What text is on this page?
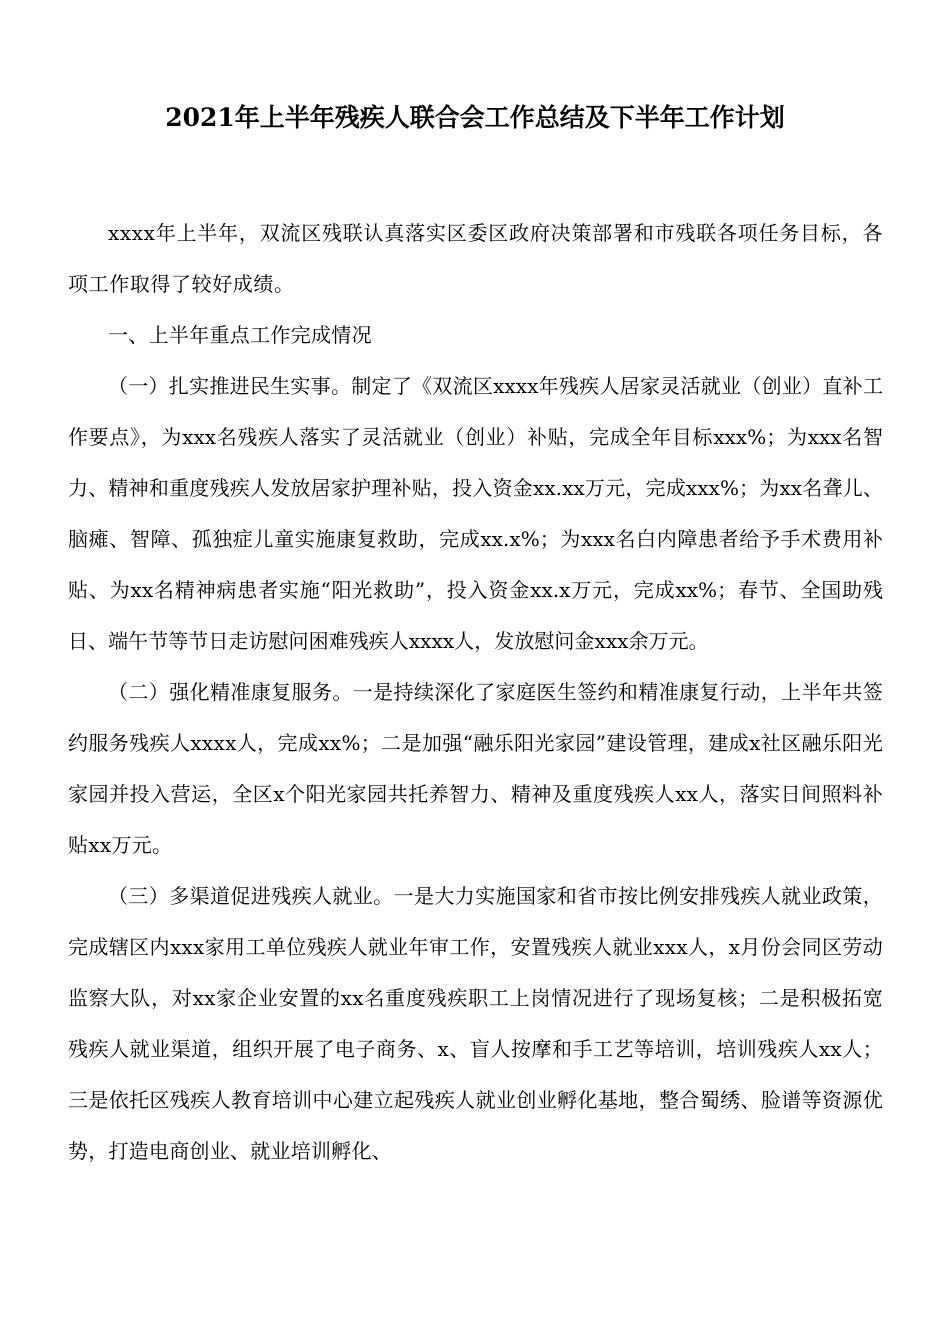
2021年上半年残疾人联合会工作总结及下半年工作计划

xxxx年上半年，双流区残联认真落实区委区政府决策部署和市残联各项任务目标，各项工作取得了较好成绩。

一、上半年重点工作完成情况

（一）扎实推进民生实事。制定了《双流区xxxx年残疾人居家灵活就业（创业）直补工作要点》，为xxx名残疾人落实了灵活就业（创业）补贴，完成全年目标xxx%；为xxx名智力、精神和重度残疾人发放居家护理补贴，投入资金xx.xx万元，完成xxx%；为xx名聋儿、脑瘫、智障、孤独症儿童实施康复救助，完成xx.x%；为xxx名白内障患者给予手术费用补贴、为xx名精神病患者实施“阳光救助”，投入资金xx.x万元，完成xx%；春节、全国助残日、端午节等节日走访慰问困难残疾人xxxx人，发放慰问金xxx余万元。

（二）强化精准康复服务。一是持续深化了家庭医生签约和精准康复行动，上半年共签约服务残疾人xxxx人，完成xx%；二是加强“融乐阳光家园”建设管理，建成x社区融乐阳光家园并投入营运，全区x个阳光家园共托养智力、精神及重度残疾人xx人，落实日间照料补贴xx万元。

（三）多渠道促进残疾人就业。一是大力实施国家和省市按比例安排残疾人就业政策，完成辖区内xxx家用工单位残疾人就业年审工作，安置残疾人就业xxx人，x月份会同区劳动监察大队，对xx家企业安置的xx名重度残疾职工上岗情况进行了现场复核；二是积极拓宽残疾人就业渠道，组织开展了电子商务、x、盲人按摩和手工艺等培训，培训残疾人xx人；三是依托区残疾人教育培训中心建立起残疾人就业创业孵化基地，整合蜀绣、脸谱等资源优势，打造电商创业、就业培训孵化、
